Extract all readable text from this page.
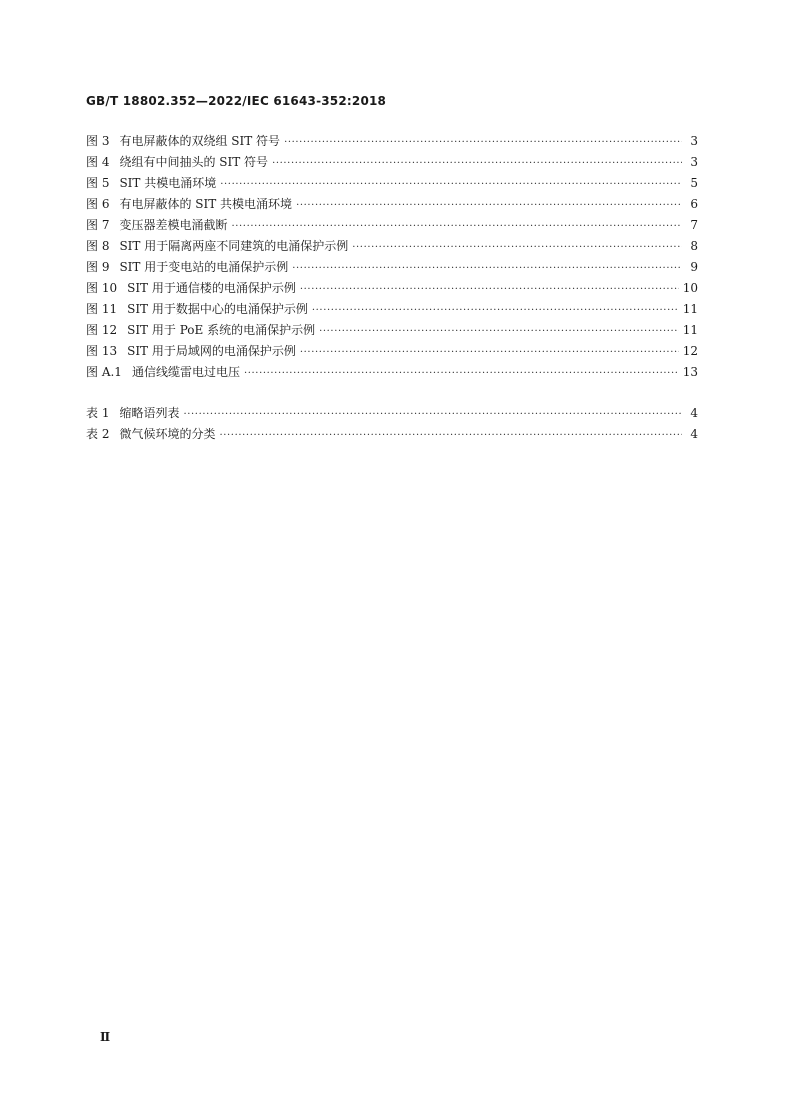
GB/T 18802.352—2022/IEC 61643-352:2018
图 3 有电屏蔽体的双绕组 SIT 符号 ·····	3
图 4 绕组有中间抽头的 SIT 符号 ·····	3
图 5 SIT 共模电涌环境 ·····	5
图 6 有电屏蔽体的 SIT 共模电涌环境 ·····	6
图 7 变压器差模电涌截断 ·····	7
图 8 SIT 用于隔离两座不同建筑的电涌保护示例 ·····	8
图 9 SIT 用于变电站的电涌保护示例 ·····	9
图 10 SIT 用于通信楼的电涌保护示例 ·····	10
图 11 SIT 用于数据中心的电涌保护示例 ·····	11
图 12 SIT 用于 PoE 系统的电涌保护示例 ·····	11
图 13 SIT 用于局域网的电涌保护示例 ·····	12
图 A.1 通信线缆雷电过电压 ·····	13
表 1 缩略语列表 ·····	4
表 2 微气候环境的分类 ·····	4
Ⅱ
